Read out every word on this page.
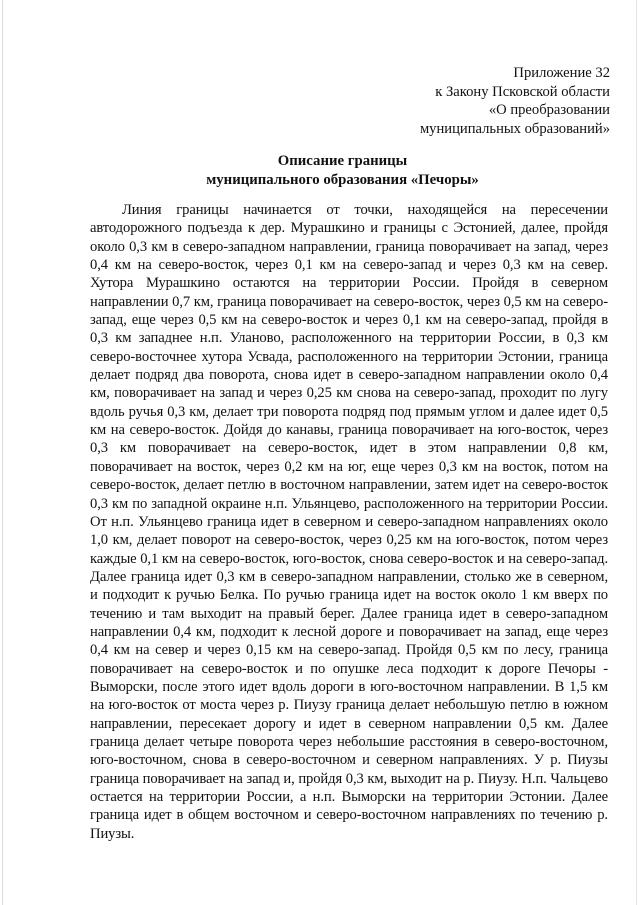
Приложение 32
к Закону Псковской области
«О преобразовании
муниципальных образований»
Описание границы
муниципального образования «Печоры»
Линия границы начинается от точки, находящейся на пересечении автодорожного подъезда к дер. Мурашкино и границы с Эстонией, далее, пройдя около 0,3 км в северо-западном направлении, граница поворачивает на запад, через 0,4 км на северо-восток, через 0,1 км на северо-запад и через 0,3 км на север. Хутора Мурашкино остаются на территории России. Пройдя в северном направлении 0,7 км, граница поворачивает на северо-восток, через 0,5 км на северо-запад, еще через 0,5 км на северо-восток и через 0,1 км на северо-запад, пройдя в 0,3 км западнее н.п. Уланово, расположенного на территории России, в 0,3 км северо-восточнее хутора Усвада, расположенного на территории Эстонии, граница делает подряд два поворота, снова идет в северо-западном направлении около 0,4 км, поворачивает на запад и через 0,25 км снова на северо-запад, проходит по лугу вдоль ручья 0,3 км, делает три поворота подряд под прямым углом и далее идет 0,5 км на северо-восток. Дойдя до канавы, граница поворачивает на юго-восток, через 0,3 км поворачивает на северо-восток, идет в этом направлении 0,8 км, поворачивает на восток, через 0,2 км на юг, еще через 0,3 км на восток, потом на северо-восток, делает петлю в восточном направлении, затем идет на северо-восток 0,3 км по западной окраине н.п. Ульянцево, расположенного на территории России. От н.п. Ульянцево граница идет в северном и северо-западном направлениях около 1,0 км, делает поворот на северо-восток, через 0,25 км на юго-восток, потом через каждые 0,1 км на северо-восток, юго-восток, снова северо-восток и на северо-запад. Далее граница идет 0,3 км в северо-западном направлении, столько же в северном, и подходит к ручью Белка. По ручью граница идет на восток около 1 км вверх по течению и там выходит на правый берег. Далее граница идет в северо-западном направлении 0,4 км, подходит к лесной дороге и поворачивает на запад, еще через 0,4 км на север и через 0,15 км на северо-запад. Пройдя 0,5 км по лесу, граница поворачивает на северо-восток и по опушке леса подходит к дороге Печоры - Выморски, после этого идет вдоль дороги в юго-восточном направлении. В 1,5 км на юго-восток от моста через р. Пиузу граница делает небольшую петлю в южном направлении, пересекает дорогу и идет в северном направлении 0,5 км. Далее граница делает четыре поворота через небольшие расстояния в северо-восточном, юго-восточном, снова в северо-восточном и северном направлениях. У р. Пиузы граница поворачивает на запад и, пройдя 0,3 км, выходит на р. Пиузу. Н.п. Чальцево остается на территории России, а н.п. Выморски на территории Эстонии. Далее граница идет в общем восточном и северо-восточном направлениях по течению р. Пиузы.
